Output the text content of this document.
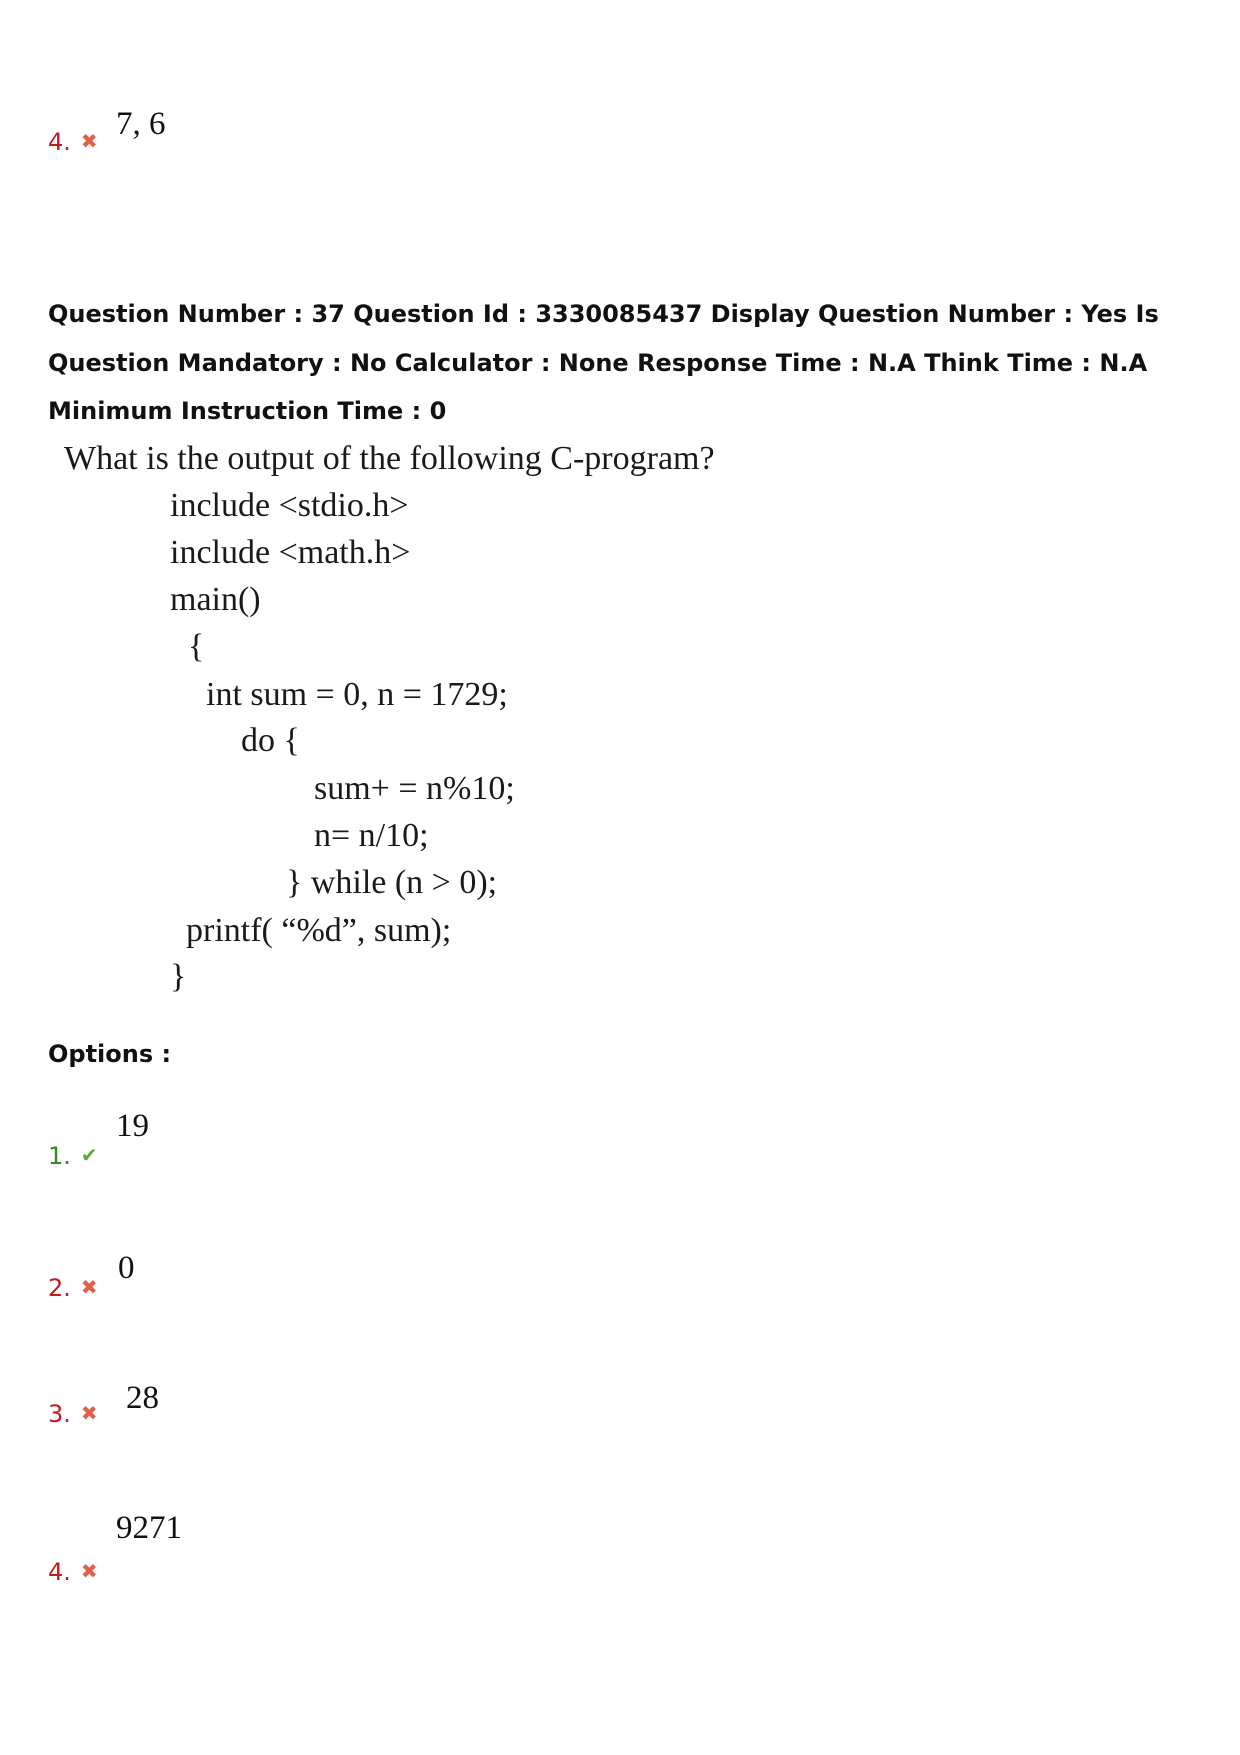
4. ✖ 7, 6
Question Number : 37 Question Id : 3330085437 Display Question Number : Yes Is Question Mandatory : No Calculator : None Response Time : N.A Think Time : N.A Minimum Instruction Time : 0
What is the output of the following C-program?
include <stdio.h>
include <math.h>
main()
{
int sum = 0, n = 1729;
do {
sum+ = n%10;
n= n/10;
} while (n > 0);
printf( “%d”, sum);
}
Options :
1. ✔
19
2. ✖
0
3. ✖ 28
4. ✖
9271
